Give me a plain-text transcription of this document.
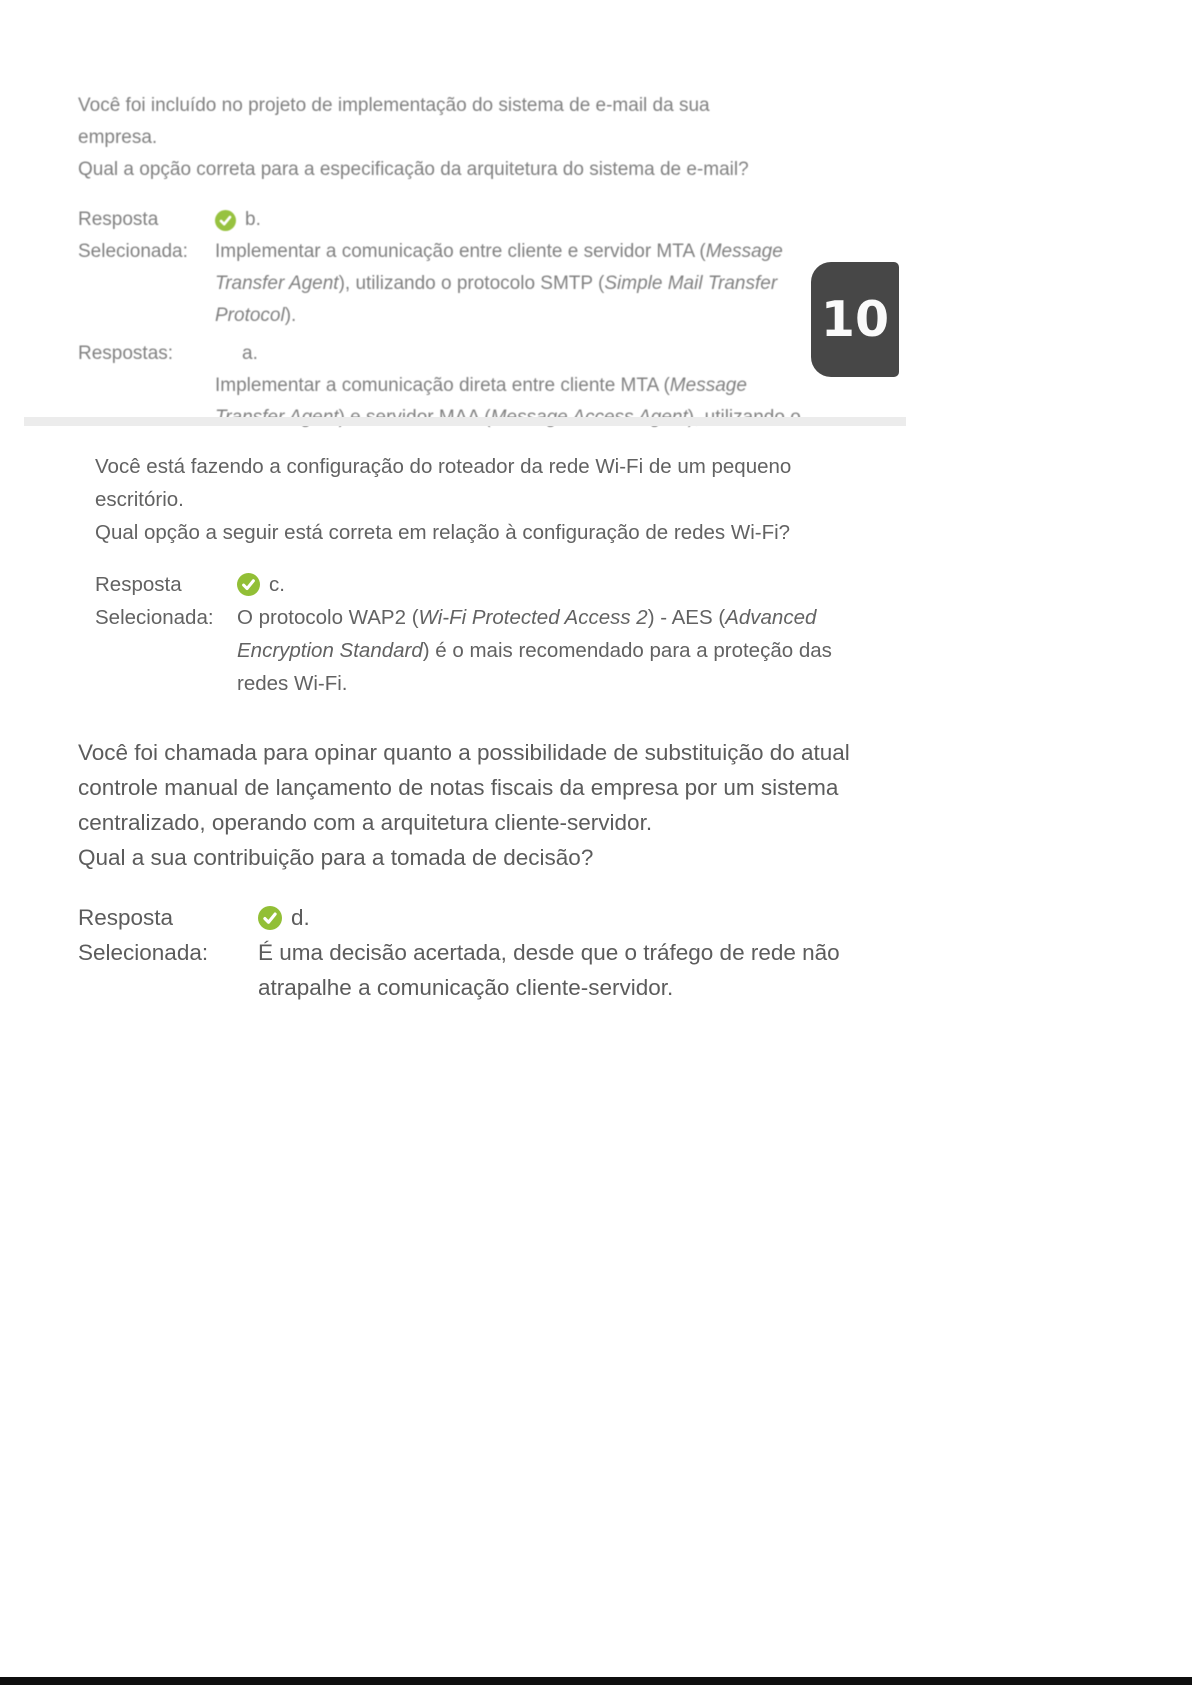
Você foi incluído no projeto de implementação do sistema de e-mail da sua
empresa.
Qual a opção correta para a especificação da arquitetura do sistema de e-mail?
Resposta	b.
Selecionada:	Implementar a comunicação entre cliente e servidor MTA (Message
Transfer Agent), utilizando o protocolo SMTP (Simple Mail Transfer
Protocol).
Respostas:	a.
Implementar a comunicação direta entre cliente MTA (Message
10
Você está fazendo a configuração do roteador da rede Wi-Fi de um pequeno
escritório.
Qual opção a seguir está correta em relação à configuração de redes Wi-Fi?
Resposta	c.
Selecionada:	O protocolo WAP2 (Wi-Fi Protected Access 2) - AES (Advanced
Encryption Standard) é o mais recomendado para a proteção das
redes Wi-Fi.
Você foi chamada para opinar quanto a possibilidade de substituição do atual
controle manual de lançamento de notas fiscais da empresa por um sistema
centralizado, operando com a arquitetura cliente-servidor.
Qual a sua contribuição para a tomada de decisão?
Resposta	d.
Selecionada:	É uma decisão acertada, desde que o tráfego de rede não
atrapalhe a comunicação cliente-servidor.
